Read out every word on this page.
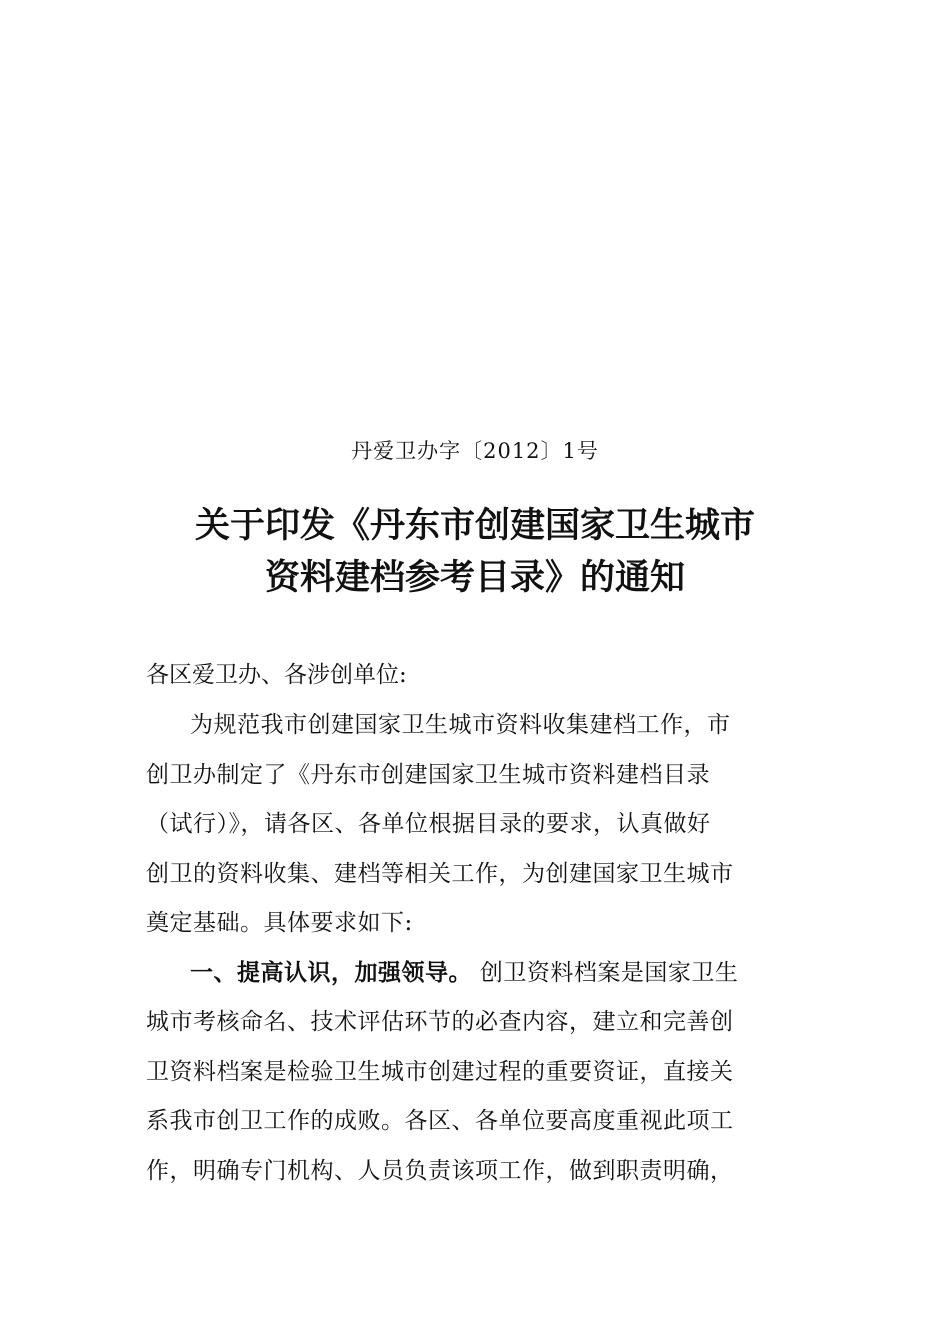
丹爱卫办字〔2012〕1号
关于印发《丹东市创建国家卫生城市
资料建档参考目录》的通知
各区爱卫办、各涉创单位:
为规范我市创建国家卫生城市资料收集建档工作，市
创卫办制定了《丹东市创建国家卫生城市资料建档目录
（试行）》，请各区、各单位根据目录的要求，认真做好
创卫的资料收集、建档等相关工作，为创建国家卫生城市
奠定基础。具体要求如下:
一、提高认识，加强领导。 创卫资料档案是国家卫生
城市考核命名、技术评估环节的必查内容，建立和完善创
卫资料档案是检验卫生城市创建过程的重要资证，直接关
系我市创卫工作的成败。各区、各单位要高度重视此项工
作，明确专门机构、人员负责该项工作，做到职责明确，
